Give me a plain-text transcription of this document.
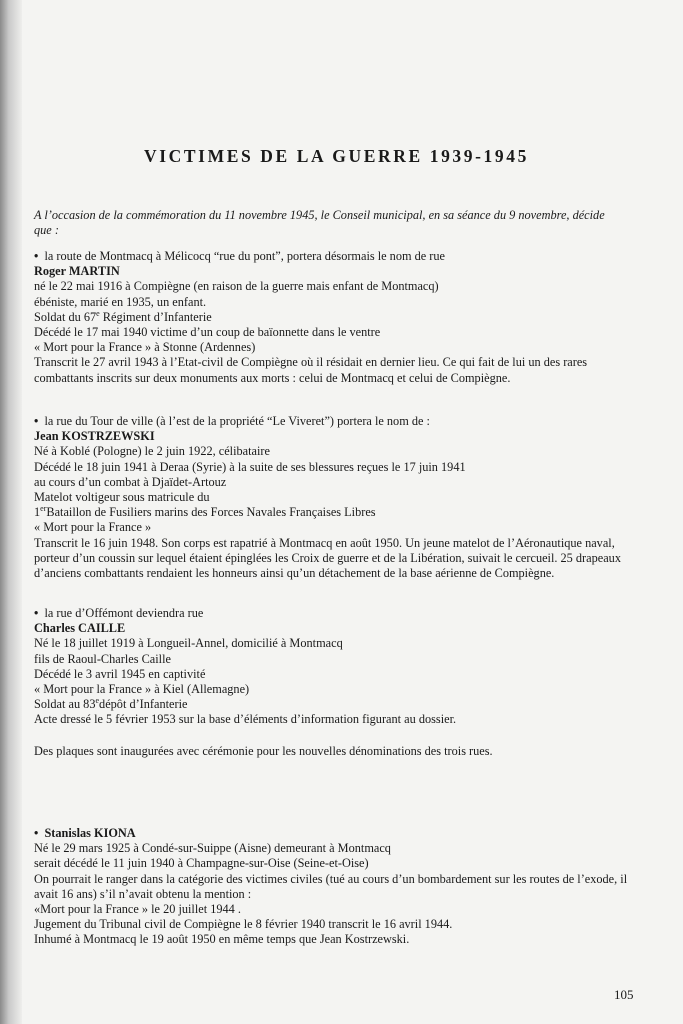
VICTIMES DE LA GUERRE 1939-1945

A l’occasion de la commémoration du 11 novembre 1945, le Conseil municipal, en sa séance du 9 novembre, décide que :

•  la route de Montmacq à Mélicocq “rue du pont”, portera désormais le nom de rue
Roger MARTIN
né le 22 mai 1916 à Compiègne (en raison de la guerre mais enfant de Montmacq)
ébéniste, marié en 1935, un enfant.
Soldat du 67e Régiment d’Infanterie
Décédé le 17 mai 1940 victime d’un coup de baïonnette dans le ventre
« Mort pour la France » à Stonne (Ardennes)

Transcrit le 27 avril 1943 à l’Etat-civil de Compiègne où il résidait en dernier lieu. Ce qui fait de lui un des rares combattants inscrits sur deux monuments aux morts : celui de Montmacq et celui de Compiègne.

•  la rue du Tour de ville (à l’est de la propriété “Le Viveret”) portera le nom de :
Jean KOSTRZEWSKI
Né à Koblé (Pologne) le 2 juin 1922, célibataire
Décédé le 18 juin 1941 à Deraa (Syrie) à la suite de ses blessures reçues le 17 juin 1941
au cours d’un combat à Djaïdet-Artouz
Matelot voltigeur sous matricule du
1erBataillon de Fusiliers marins des Forces Navales Françaises Libres
« Mort pour la France »

Transcrit le 16 juin 1948. Son corps est rapatrié à Montmacq en août 1950. Un jeune matelot de l’Aéronautique naval, porteur d’un coussin sur lequel étaient épinglées les Croix de guerre et de la Libération, suivait le cercueil. 25 drapeaux d’anciens combattants rendaient les honneurs ainsi qu’un détachement de la base aérienne de Compiègne.

•  la rue d’Offémont deviendra rue
Charles CAILLE
Né le 18 juillet 1919 à Longueil-Annel, domicilié à Montmacq
fils de Raoul-Charles Caille
Décédé le 3 avril 1945 en captivité
« Mort pour la France » à Kiel (Allemagne)
Soldat au 83edépôt d’Infanterie
Acte dressé le 5 février 1953 sur la base d’éléments d’information figurant au dossier.
Des plaques sont inaugurées avec cérémonie pour les nouvelles dénominations des trois rues.
•  Stanislas KIONA
Né le 29 mars 1925 à Condé-sur-Suippe (Aisne) demeurant à Montmacq
serait décédé le 11 juin 1940 à Champagne-sur-Oise (Seine-et-Oise)

On pourrait le ranger dans la catégorie des victimes civiles (tué au cours d’un bombardement sur les routes de l’exode, il avait 16 ans) s’il n’avait obtenu la mention :

«Mort pour la France » le 20 juillet 1944 .
Jugement du Tribunal civil de Compiègne le 8 février 1940 transcrit le 16 avril 1944.
Inhumé à Montmacq le 19 août 1950 en même temps que Jean Kostrzewski.
105
